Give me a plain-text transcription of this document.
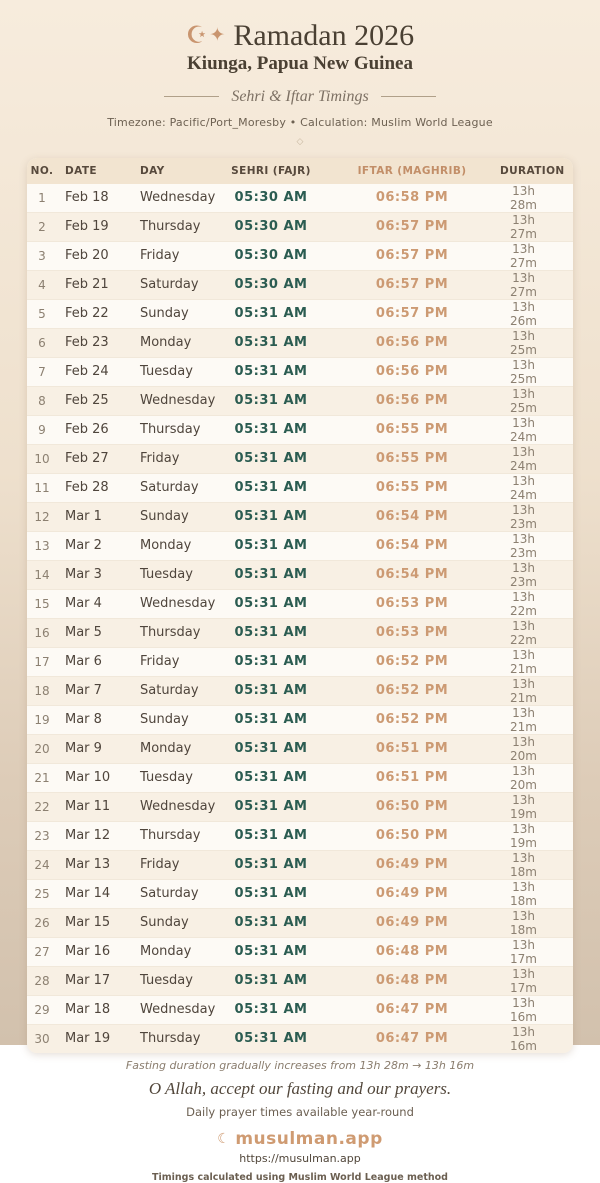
☪ ✦ Ramadan 2026
Kiunga, Papua New Guinea
Sehri & Iftar Timings
Timezone: Pacific/Port_Moresby • Calculation: Muslim World League
◇
NO.	DATE	DAY	SEHRI (FAJR)	IFTAR (MAGHRIB)	DURATION
1	Feb 18	Wednesday	05:30 AM	06:58 PM	13h 28m
2	Feb 19	Thursday	05:30 AM	06:57 PM	13h 27m
3	Feb 20	Friday	05:30 AM	06:57 PM	13h 27m
4	Feb 21	Saturday	05:30 AM	06:57 PM	13h 27m
5	Feb 22	Sunday	05:31 AM	06:57 PM	13h 26m
6	Feb 23	Monday	05:31 AM	06:56 PM	13h 25m
7	Feb 24	Tuesday	05:31 AM	06:56 PM	13h 25m
8	Feb 25	Wednesday	05:31 AM	06:56 PM	13h 25m
9	Feb 26	Thursday	05:31 AM	06:55 PM	13h 24m
10	Feb 27	Friday	05:31 AM	06:55 PM	13h 24m
11	Feb 28	Saturday	05:31 AM	06:55 PM	13h 24m
12	Mar 1	Sunday	05:31 AM	06:54 PM	13h 23m
13	Mar 2	Monday	05:31 AM	06:54 PM	13h 23m
14	Mar 3	Tuesday	05:31 AM	06:54 PM	13h 23m
15	Mar 4	Wednesday	05:31 AM	06:53 PM	13h 22m
16	Mar 5	Thursday	05:31 AM	06:53 PM	13h 22m
17	Mar 6	Friday	05:31 AM	06:52 PM	13h 21m
18	Mar 7	Saturday	05:31 AM	06:52 PM	13h 21m
19	Mar 8	Sunday	05:31 AM	06:52 PM	13h 21m
20	Mar 9	Monday	05:31 AM	06:51 PM	13h 20m
21	Mar 10	Tuesday	05:31 AM	06:51 PM	13h 20m
22	Mar 11	Wednesday	05:31 AM	06:50 PM	13h 19m
23	Mar 12	Thursday	05:31 AM	06:50 PM	13h 19m
24	Mar 13	Friday	05:31 AM	06:49 PM	13h 18m
25	Mar 14	Saturday	05:31 AM	06:49 PM	13h 18m
26	Mar 15	Sunday	05:31 AM	06:49 PM	13h 18m
27	Mar 16	Monday	05:31 AM	06:48 PM	13h 17m
28	Mar 17	Tuesday	05:31 AM	06:48 PM	13h 17m
29	Mar 18	Wednesday	05:31 AM	06:47 PM	13h 16m
30	Mar 19	Thursday	05:31 AM	06:47 PM	13h 16m
Fasting duration gradually increases from 13h 28m → 13h 16m
O Allah, accept our fasting and our prayers.
Daily prayer times available year-round
☾ musulman.app
https://musulman.app
Timings calculated using Muslim World League method
